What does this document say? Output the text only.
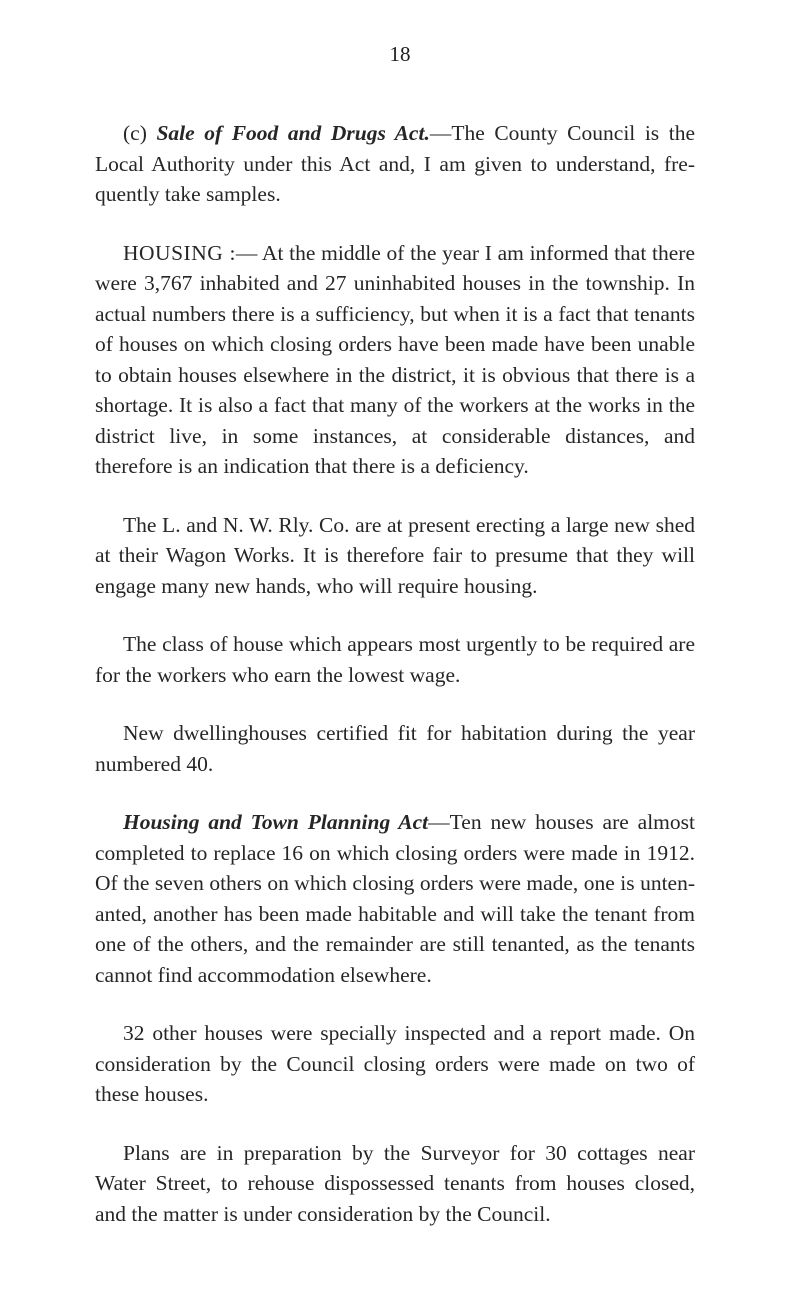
18

(c) Sale of Food and Drugs Act.—The County Council is the Local Authority under this Act and, I am given to understand, fre-quently take samples.

HOUSING :— At the middle of the year I am informed that there were 3,767 inhabited and 27 uninhabited houses in the township. In actual numbers there is a sufficiency, but when it is a fact that tenants of houses on which closing orders have been made have been unable to obtain houses elsewhere in the district, it is obvious that there is a shortage. It is also a fact that many of the workers at the works in the district live, in some instances, at considerable distances, and therefore is an indication that there is a deficiency.

The L. and N. W. Rly. Co. are at present erecting a large new shed at their Wagon Works. It is therefore fair to presume that they will engage many new hands, who will require housing.

The class of house which appears most urgently to be required are for the workers who earn the lowest wage.

New dwellinghouses certified fit for habitation during the year numbered 40.

Housing and Town Planning Act—Ten new houses are almost completed to replace 16 on which closing orders were made in 1912. Of the seven others on which closing orders were made, one is unten-anted, another has been made habitable and will take the tenant from one of the others, and the remainder are still tenanted, as the tenants cannot find accommodation elsewhere.

32 other houses were specially inspected and a report made. On consideration by the Council closing orders were made on two of these houses.

Plans are in preparation by the Surveyor for 30 cottages near Water Street, to rehouse dispossessed tenants from houses closed, and the matter is under consideration by the Council.
